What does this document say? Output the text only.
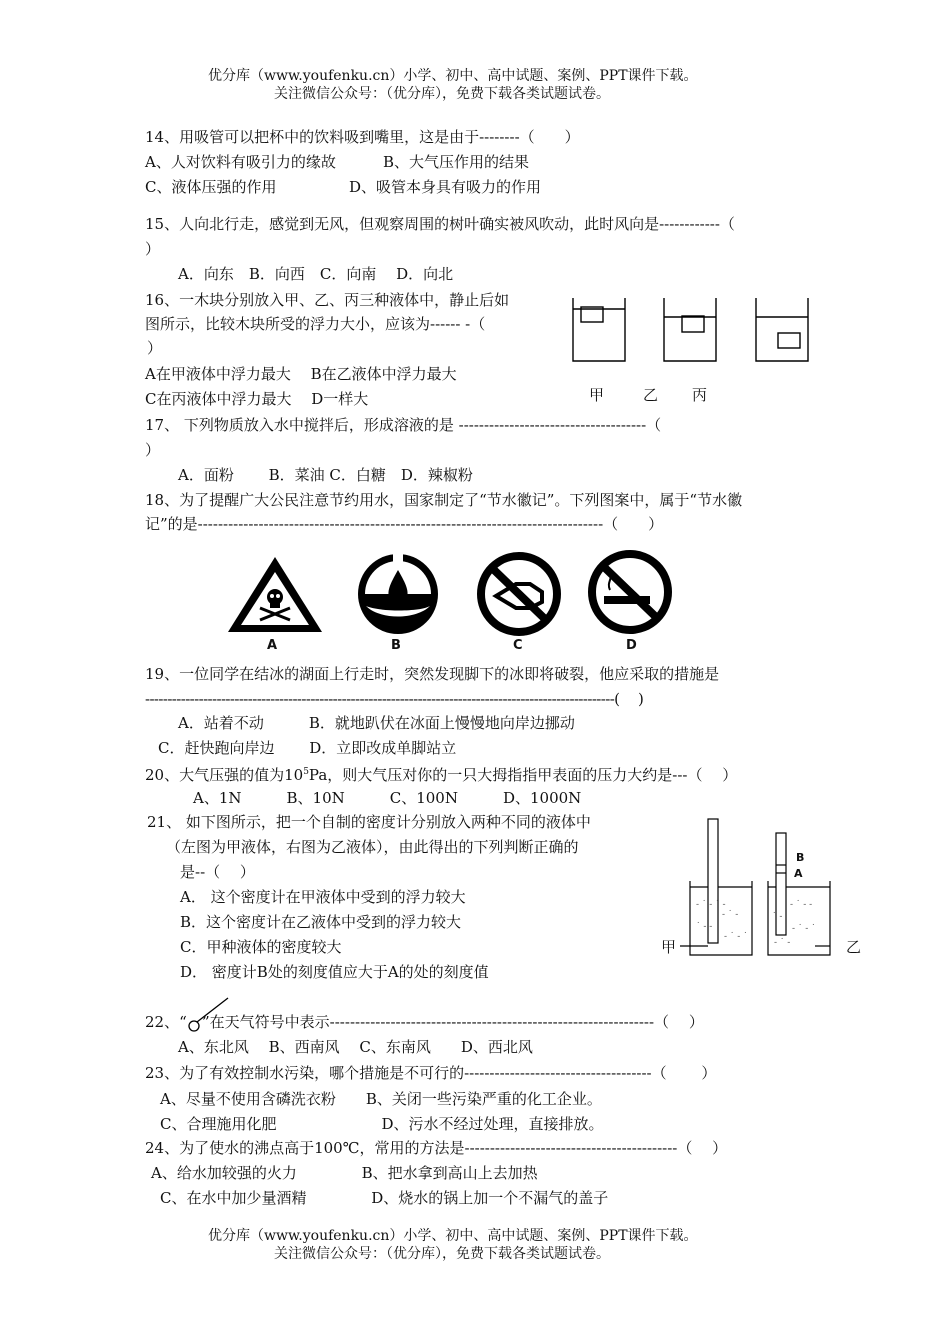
优分库（www.youfenku.cn）小学、初中、高中试题、案例、PPT课件下载。
关注微信公众号：（优分库），免费下载各类试题试卷。
14、用吸管可以把杯中的饮料吸到嘴里，这是由于--------（　　）
A、人对饮料有吸引力的缘故	B、大气压作用的结果
C、液体压强的作用	D、吸管本身具有吸力的作用
15、人向北行走，感觉到无风，但观察周围的树叶确实被风吹动，此时风向是------------（
）
A．向东　B．向西　C．向南　 D．向北
16、一木块分别放入甲、乙、丙三种液体中，静止后如
图所示，比较木块所受的浮力大小，应该为------ -（
）
A在甲液体中浮力最大　 B在乙液体中浮力最大
C在丙液体中浮力最大　 D一样大	甲	乙 丙
17、 下列物质放入水中搅拌后，形成溶液的是 -------------------------------------（
）
A．面粉　　 B．菜油 C．白糖　D．辣椒粉
18、为了提醒广大公民注意节约用水，国家制定了“节水徽记”。下列图案中，属于“节水徽
记”的是--------------------------------------------------------------------------------（　　）
A	B	C	D
19、一位同学在结冰的湖面上行走时，突然发现脚下的冰即将破裂，他应采取的措施是
---------------------------------------------------------------------------------------------------------(　 )
A．站着不动　　　B．就地趴伏在冰面上慢慢地向岸边挪动
C．赶快跑向岸边　　 D．立即改成单脚站立
20、大气压强的值为$10^5Pa$，则大气压对你的一只大拇指指甲表面的压力大约是---（　 ）
A、1N　　　B、10N　　　C、100N　　　D、1000N
21、 如下图所示，把一个自制的密度计分别放入两种不同的液体中
（左图为甲液体，右图为乙液体），由此得出的下列判断正确的
是--（　 ）
A． 这个密度计在甲液体中受到的浮力较大
B．这个密度计在乙液体中受到的浮力较大
C．甲种液体的密度较大
D． 密度计B处的刻度值应大于A的处的刻度值
- ˙ - ˙ -
- ˙ -
˙ - -
- ˙ - ˙
- ˙ - -
˙ -
- ˙ - ˙
- ˙ -
B
A
甲	乙
22、“ ”在天气符号中表示----------------------------------------------------------------（　 ）
A、东北风　 B、西南风　 C、东南风　　D、西北风
23、为了有效控制水污染，哪个措施是不可行的-------------------------------------（　　 ）
A、尽量不使用含磷洗衣粉　　B、关闭一些污染严重的化工企业。
C、合理施用化肥　　　　　　　D、污水不经过处理，直接排放。
24、为了使水的沸点高于100℃，常用的方法是------------------------------------------（　 ）
A、给水加较强的火力　　　　 B、把水拿到高山上去加热
C、在水中加少量酒精　　　　 D、烧水的锅上加一个不漏气的盖子
优分库（www.youfenku.cn）小学、初中、高中试题、案例、PPT课件下载。
关注微信公众号：（优分库），免费下载各类试题试卷。
